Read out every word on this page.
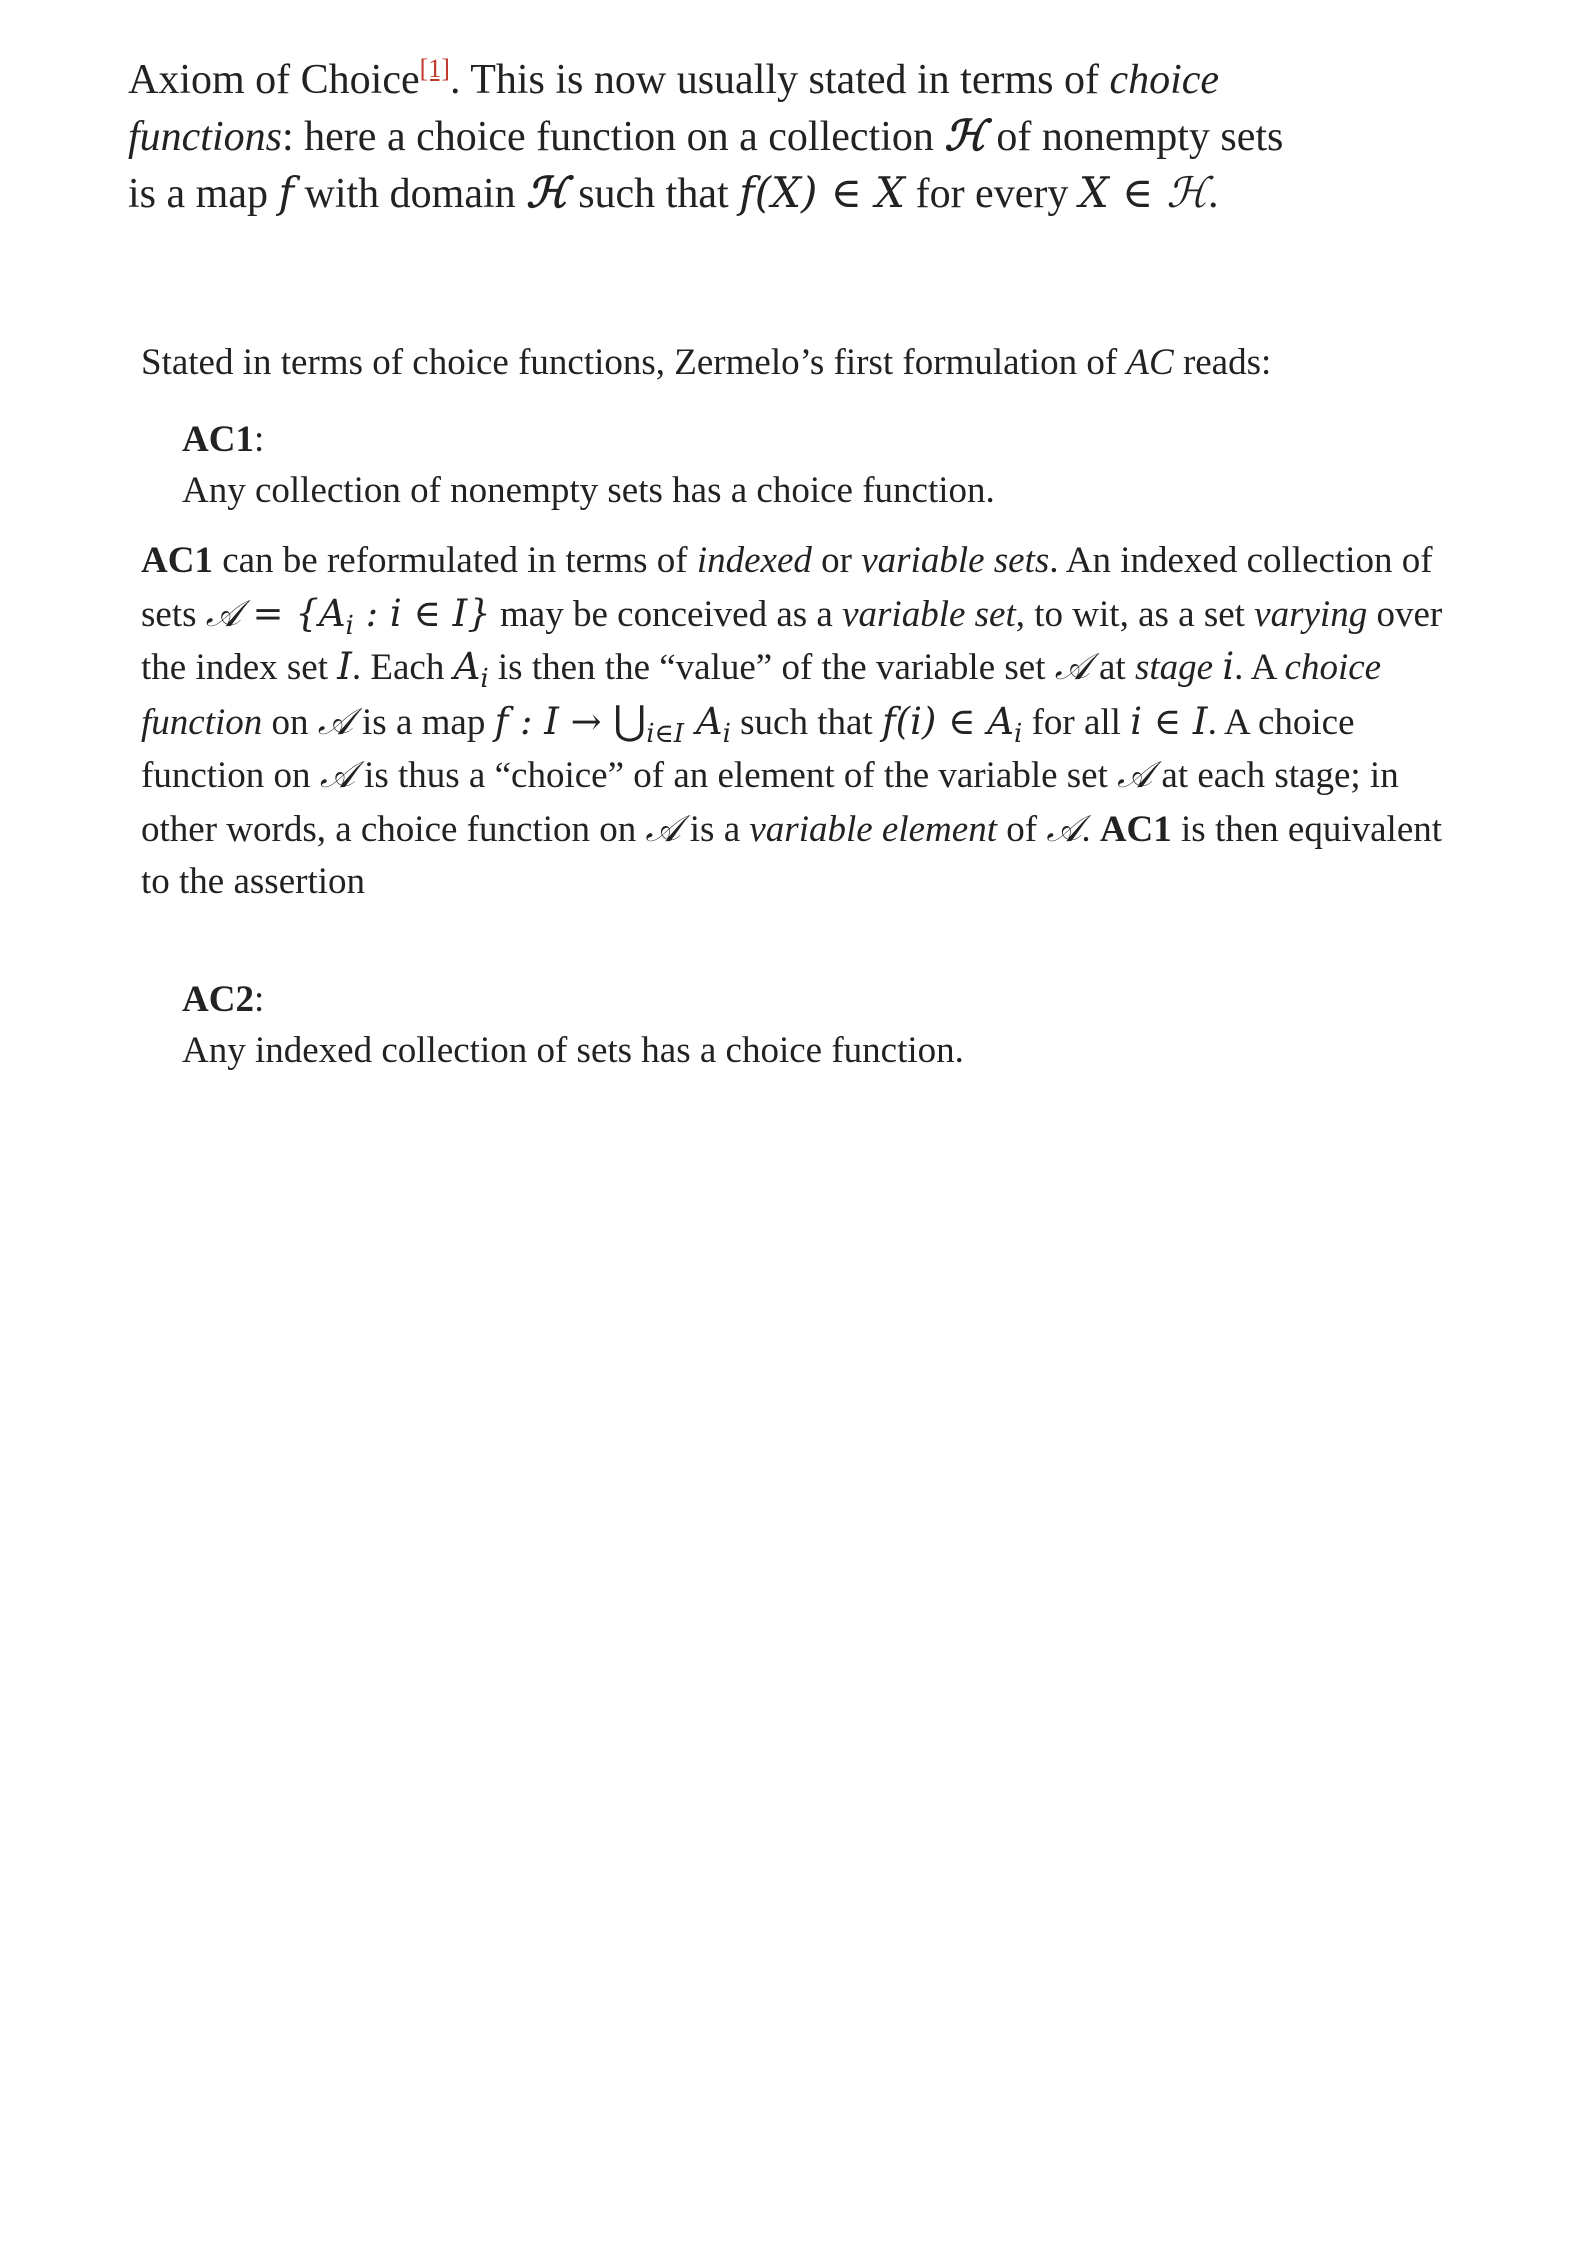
Axiom of Choice[1]. This is now usually stated in terms of choice functions: here a choice function on a collection ℋ of nonempty sets is a map f with domain ℋ such that f(X) ∈ X for every X ∈ ℋ.

Stated in terms of choice functions, Zermelo’s first formulation of AC reads:

AC1:
Any collection of nonempty sets has a choice function.

AC1 can be reformulated in terms of indexed or variable sets. An indexed collection of sets 𝒜 = {$A_i$ : i ∈ I} may be conceived as a variable set, to wit, as a set varying over the index set I. Each $A_i$ is then the “value” of the variable set 𝒜 at stage i. A choice function on 𝒜 is a map f : $I \to ⋃_{i\in I}$ $A_i$ such that f(i) ∈ $A_i$ for all i ∈ I. A choice function on 𝒜 is thus a “choice” of an element of the variable set 𝒜 at each stage; in other words, a choice function on 𝒜 is a variable element of 𝒜. AC1 is then equivalent to the assertion

AC2:
Any indexed collection of sets has a choice function.
